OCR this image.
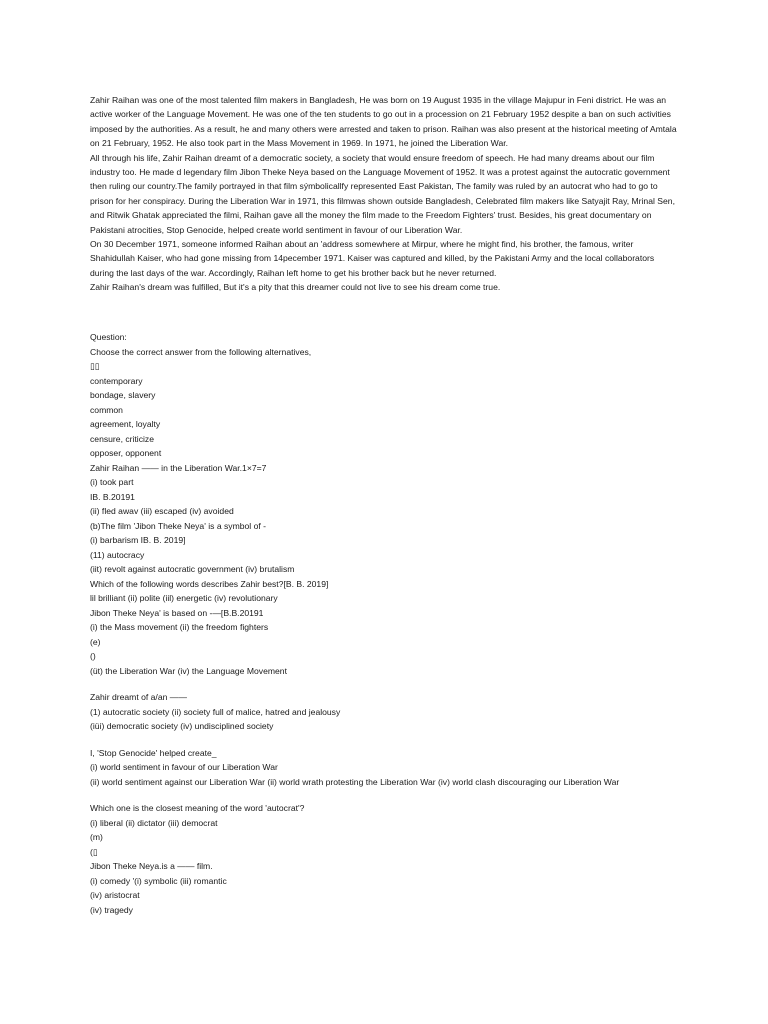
Zahir Raihan was one of the most talented film makers in Bangladesh, He was born on 19 August 1935 in the village Majupur in Feni district. He was an active worker of the Language Movement. He was one of the ten students to go out in a procession on 21 February 1952 despite a ban on such activities imposed by the authorities. As a result, he and many others were arrested and taken to prison. Raihan was also present at the historical meeting of Amtala on 21 February, 1952. He also took part in the Mass Movement in 1969. In 1971, he joined the Liberation War.

All through his life, Zahir Raihan dreamt of a democratic society, a society that would ensure freedom of speech. He had many dreams about our film industry too. He made d legendary film Jibon Theke Neya based on the Language Movement of 1952. It was a protest against the autocratic government then ruling our country.The family portrayed in that film sýmbolicallfy represented East Pakistan, The family was ruled by an autocrat who had to go to prison for her conspiracy. During the Liberation War in 1971, this filmwas shown outside Bangladesh, Celebrated film makers like Satyajit Ray, Mrinal Sen, and Ritwik Ghatak appreciated the filmi, Raihan gave all the money the film made to the Freedom Fighters' trust. Besides, his great documentary on Pakistani atrocities, Stop Genocide, helped create world sentiment in favour of our Liberation War.

On 30 December 1971, someone informed Raihan about an 'address somewhere at Mirpur, where he might find, his brother, the famous, writer Shahidullah Kaiser, who had gone missing from 14pecember 1971. Kaiser was captured and killed, by the Pakistani Army and the local collaborators during the last days of the war. Accordingly, Raihan left home to get his brother back but he never returned.

Zahir Raihan's dream was fulfilled, But it's a pity that this dreamer could not live to see his dream come true.

Question:
Choose the correct answer from the following alternatives,
▯▯
contemporary
bondage, slavery
common
agreement, loyalty
censure, criticize
opposer, opponent
Zahir Raihan —— in the Liberation War.1×7=7
(i) took part
IB. B.20191
(ii) fled awav (iii) escaped (iv) avoided
(b)The film 'Jibon Theke Neya' is a symbol of -
(i) barbarism IB. B. 2019]
(11) autocracy
(iit) revolt against autocratic government (iv) brutalism
Which of the following words describes Zahir best?[B. B. 2019]
lil brilliant (ii) polite (iil) energetic (iv) revolutionary
Jibon Theke Neya' is based on -—[B.B.20191
(i) the Mass movement (ii) the freedom fighters
(e)
()
(üt) the Liberation War (iv) the Language Movement
Zahir dreamt of a/an ——
(1) autocratic society (ii) society full of malice, hatred and jealousy
(iüi) democratic society (iv) undisciplined society
I, 'Stop Genocide' helped create_
(i) world sentiment in favour of our Liberation War
(ii) world sentiment against our Liberation War (ii) world wrath protesting the Liberation War (iv) world clash discouraging our Liberation War
Which one is the closest meaning of the word 'autocrat'?
(i) liberal (ii) dictator (iii) democrat
(m)
(▯
Jibon Theke Neya.is a —— film.
(i) comedy '(i) symbolic (iii) romantic
(iv) aristocrat
(iv) tragedy
